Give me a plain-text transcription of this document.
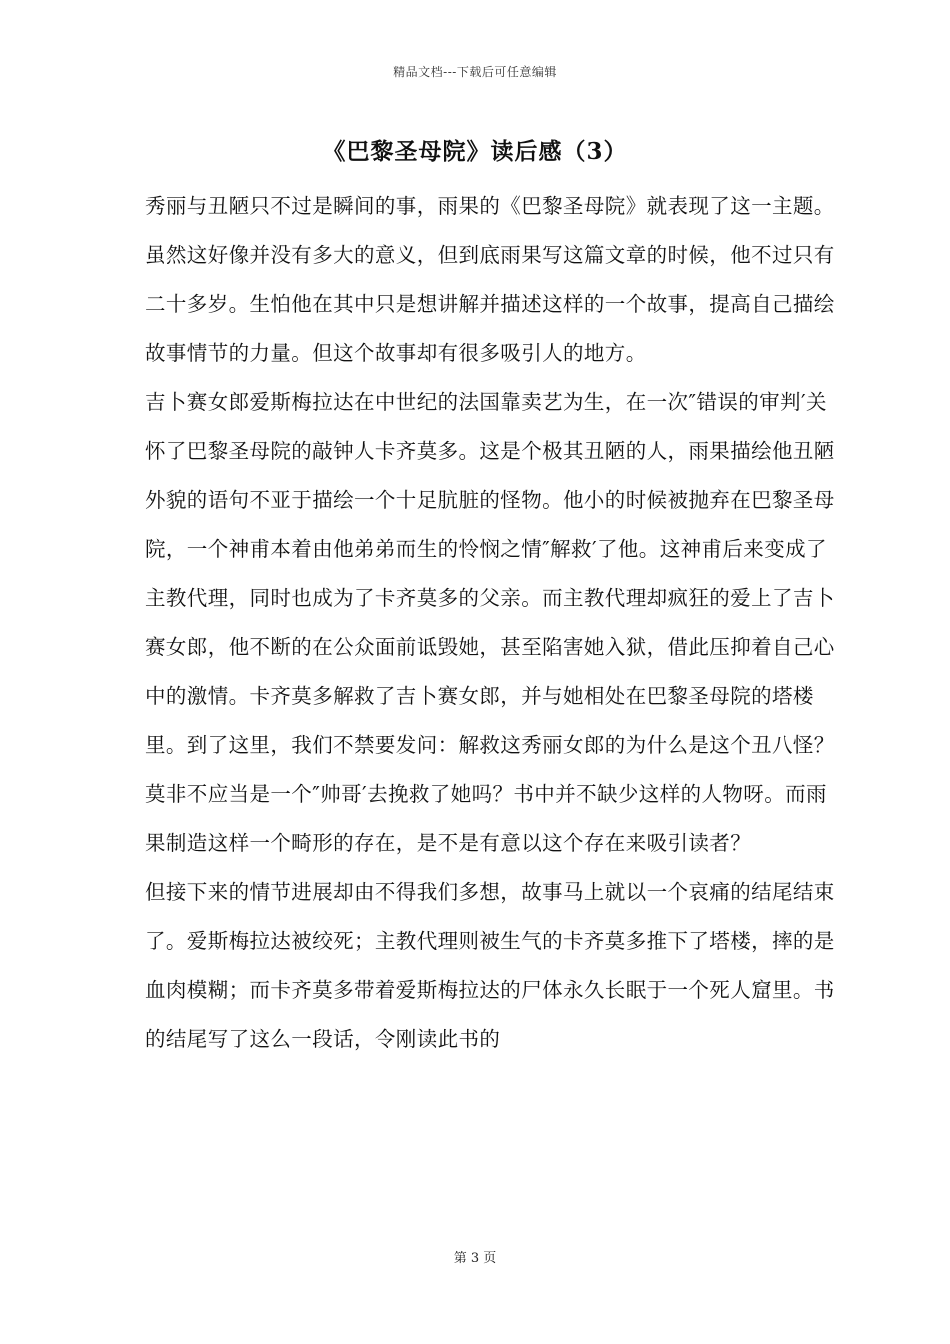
精品文档---下载后可任意编辑
《巴黎圣母院》读后感（3）

秀丽与丑陋只不过是瞬间的事，雨果的《巴黎圣母院》就表现了这一主题。虽然这好像并没有多大的意义，但到底雨果写这篇文章的时候，他不过只有二十多岁。生怕他在其中只是想讲解并描述这样的一个故事，提高自己描绘故事情节的力量。但这个故事却有很多吸引人的地方。

吉卜赛女郎爱斯梅拉达在中世纪的法国靠卖艺为生，在一次″错误的审判′关怀了巴黎圣母院的敲钟人卡齐莫多。这是个极其丑陋的人，雨果描绘他丑陋外貌的语句不亚于描绘一个十足肮脏的怪物。他小的时候被抛弃在巴黎圣母院，一个神甫本着由他弟弟而生的怜悯之情″解救′了他。这神甫后来变成了主教代理，同时也成为了卡齐莫多的父亲。而主教代理却疯狂的爱上了吉卜赛女郎，他不断的在公众面前诋毁她，甚至陷害她入狱，借此压抑着自己心中的激情。卡齐莫多解救了吉卜赛女郎，并与她相处在巴黎圣母院的塔楼里。到了这里，我们不禁要发问：解救这秀丽女郎的为什么是这个丑八怪？莫非不应当是一个″帅哥′去挽救了她吗？书中并不缺少这样的人物呀。而雨果制造这样一个畸形的存在，是不是有意以这个存在来吸引读者？

但接下来的情节进展却由不得我们多想，故事马上就以一个哀痛的结尾结束了。爱斯梅拉达被绞死；主教代理则被生气的卡齐莫多推下了塔楼，摔的是血肉模糊；而卡齐莫多带着爱斯梅拉达的尸体永久长眠于一个死人窟里。书的结尾写了这么一段话，令刚读此书的

第 3 页
